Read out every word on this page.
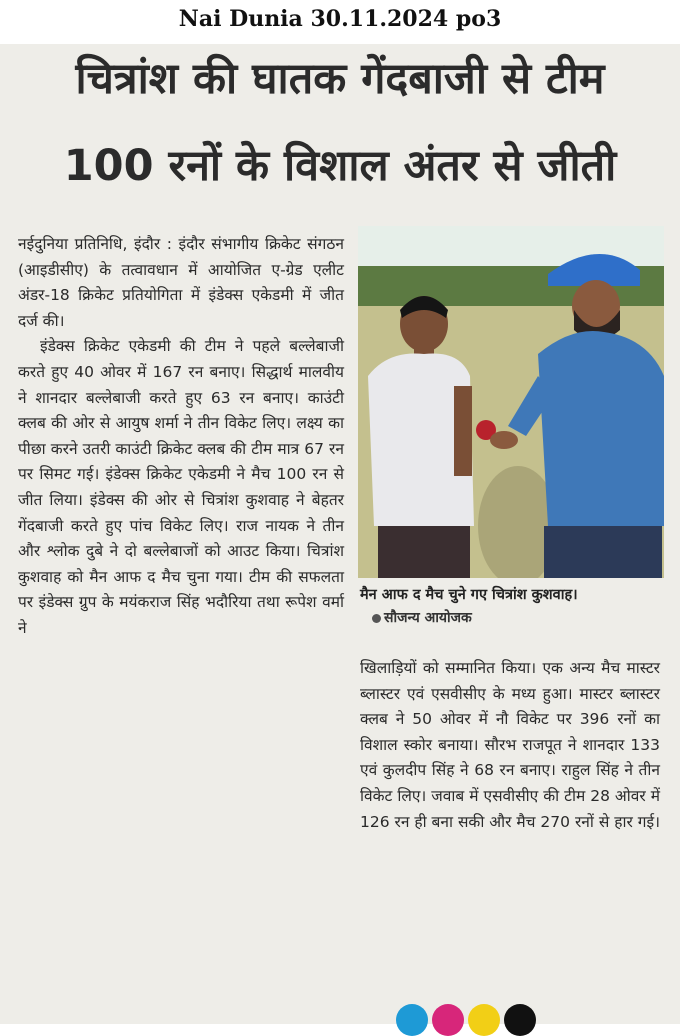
Nai Dunia 30.11.2024 po3
चित्रांश की घातक गेंदबाजी से टीम
100 रनों के विशाल अंतर से जीती

नईदुनिया प्रतिनिधि, इंदौर : इंदौर संभागीय क्रिकेट संगठन (आइडीसीए) के तत्वावधान में आयोजित ए-ग्रेड एलीट अंडर-18 क्रिकेट प्रतियोगिता में इंडेक्स एकेडमी में जीत दर्ज की।

इंडेक्स क्रिकेट एकेडमी की टीम ने पहले बल्लेबाजी करते हुए 40 ओवर में 167 रन बनाए। सिद्धार्थ मालवीय ने शानदार बल्लेबाजी करते हुए 63 रन बनाए। काउंटी क्लब की ओर से आयुष शर्मा ने तीन विकेट लिए। लक्ष्य का पीछा करने उतरी काउंटी क्रिकेट क्लब की टीम मात्र 67 रन पर सिमट गई। इंडेक्स क्रिकेट एकेडमी ने मैच 100 रन से जीत लिया। इंडेक्स की ओर से चित्रांश कुशवाह ने बेहतर गेंदबाजी करते हुए पांच विकेट लिए। राज नायक ने तीन और श्लोक दुबे ने दो बल्लेबाजों को आउट किया। चित्रांश कुशवाह को मैन आफ द मैच चुना गया। टीम की सफलता पर इंडेक्स ग्रुप के मयंकराज सिंह भदौरिया तथा रूपेश वर्मा ने

मैन आफ द मैच चुने गए चित्रांश कुशवाह।
सौजन्य आयोजक
खिलाड़ियों को सम्मानित किया। एक अन्य मैच मास्टर ब्लास्टर एवं एसवीसीए के मध्य हुआ। मास्टर ब्लास्टर क्लब ने 50 ओवर में नौ विकेट पर 396 रनों का विशाल स्कोर बनाया। सौरभ राजपूत ने शानदार 133 एवं कुलदीप सिंह ने 68 रन बनाए। राहुल सिंह ने तीन विकेट लिए। जवाब में एसवीसीए की टीम 28 ओवर में 126 रन ही बना सकी और मैच 270 रनों से हार गई।
